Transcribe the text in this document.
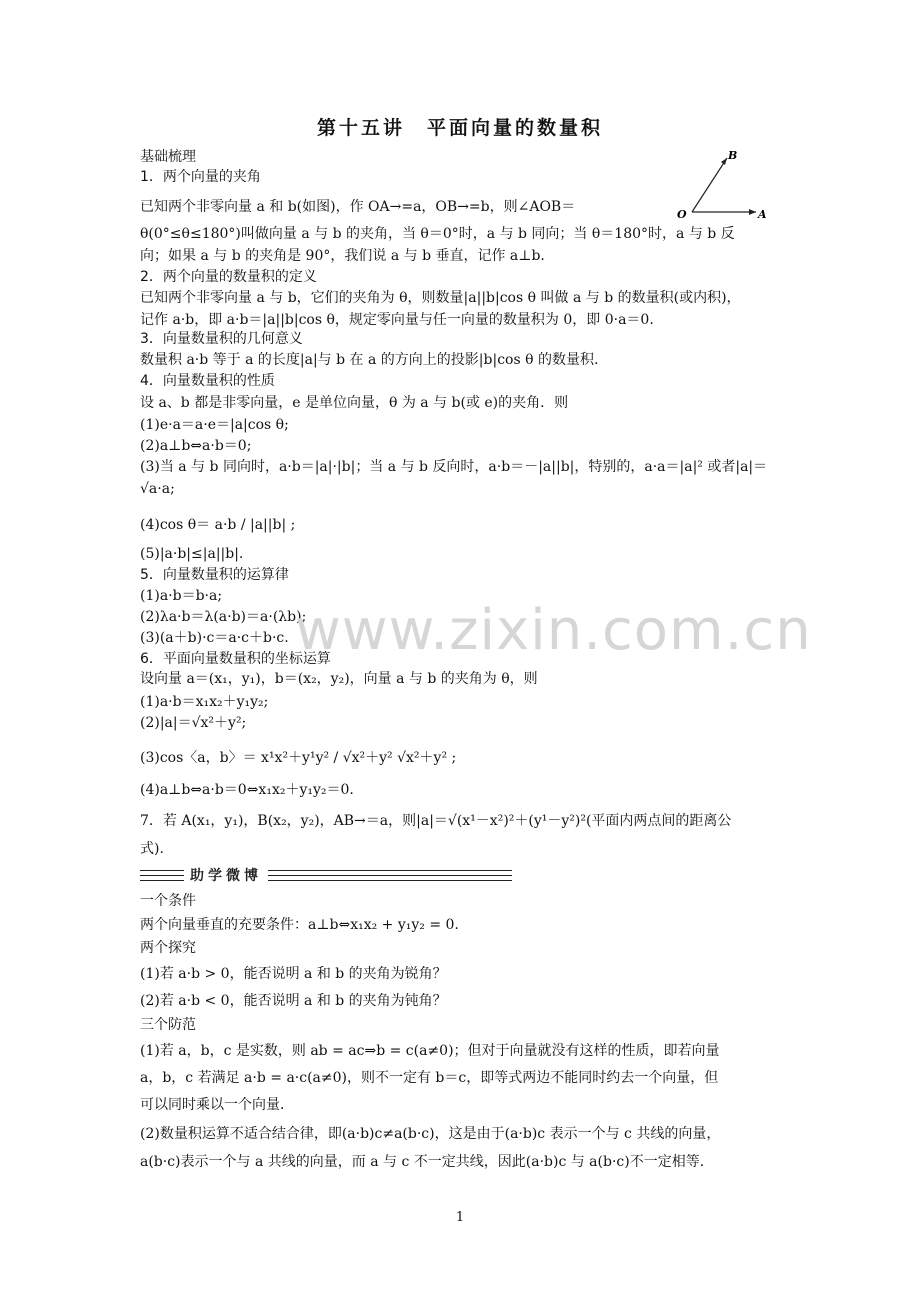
第十五讲　平面向量的数量积
B
O	A
基础梳理
1．两个向量的夹角
已知两个非零向量 a 和 b(如图)，作 OA→=a，OB→=b，则∠AOB＝
θ(0°≤θ≤180°)叫做向量 a 与 b 的夹角，当 θ＝0°时，a 与 b 同向；当 θ＝180°时，a 与 b 反
向；如果 a 与 b 的夹角是 90°，我们说 a 与 b 垂直，记作 a⊥b.
2．两个向量的数量积的定义
已知两个非零向量 a 与 b，它们的夹角为 θ，则数量|a||b|cos θ 叫做 a 与 b 的数量积(或内积)，
记作 a·b，即 a·b＝|a||b|cos θ，规定零向量与任一向量的数量积为 0，即 0·a＝0.
3．向量数量积的几何意义
数量积 a·b 等于 a 的长度|a|与 b 在 a 的方向上的投影|b|cos θ 的数量积.
4．向量数量积的性质
设 a、b 都是非零向量，e 是单位向量，θ 为 a 与 b(或 e)的夹角．则
(1)e·a＝a·e＝|a|cos θ;
(2)a⊥b⇔a·b＝0;
(3)当 a 与 b 同向时，a·b＝|a|·|b|；当 a 与 b 反向时，a·b＝－|a||b|，特别的，a·a＝|a|² 或者|a|＝
√a·a;
(4)cos θ＝ a·b / |a||b| ;
(5)|a·b|≤|a||b|.
5．向量数量积的运算律
(1)a·b＝b·a;
(2)λa·b＝λ(a·b)＝a·(λb);
(3)(a＋b)·c＝a·c＋b·c.
6．平面向量数量积的坐标运算
设向量 a＝(x₁，y₁)，b＝(x₂，y₂)，向量 a 与 b 的夹角为 θ，则
(1)a·b＝x₁x₂＋y₁y₂;
(2)|a|＝√x²＋y²;
(3)cos〈a，b〉＝ x¹x²＋y¹y² / √x²＋y² √x²＋y² ;
(4)a⊥b⇔a·b＝0⇔x₁x₂＋y₁y₂＝0.
7．若 A(x₁，y₁)，B(x₂，y₂)，AB→＝a，则|a|＝√(x¹－x²)²＋(y¹－y²)²(平面内两点间的距离公
式).
助学微博
一个条件
两个向量垂直的充要条件：a⊥b⇔x₁x₂ + y₁y₂ = 0.
两个探究
(1)若 a·b > 0，能否说明 a 和 b 的夹角为锐角？
(2)若 a·b < 0，能否说明 a 和 b 的夹角为钝角？
三个防范
(1)若 a，b，c 是实数，则 ab = ac⇒b = c(a≠0)；但对于向量就没有这样的性质，即若向量
a，b，c 若满足 a·b = a·c(a≠0)，则不一定有 b＝c，即等式两边不能同时约去一个向量，但
可以同时乘以一个向量．
(2)数量积运算不适合结合律，即(a·b)c≠a(b·c)，这是由于(a·b)c 表示一个与 c 共线的向量，
a(b·c)表示一个与 a 共线的向量，而 a 与 c 不一定共线，因此(a·b)c 与 a(b·c)不一定相等．
www.zixin.com.cn
1
